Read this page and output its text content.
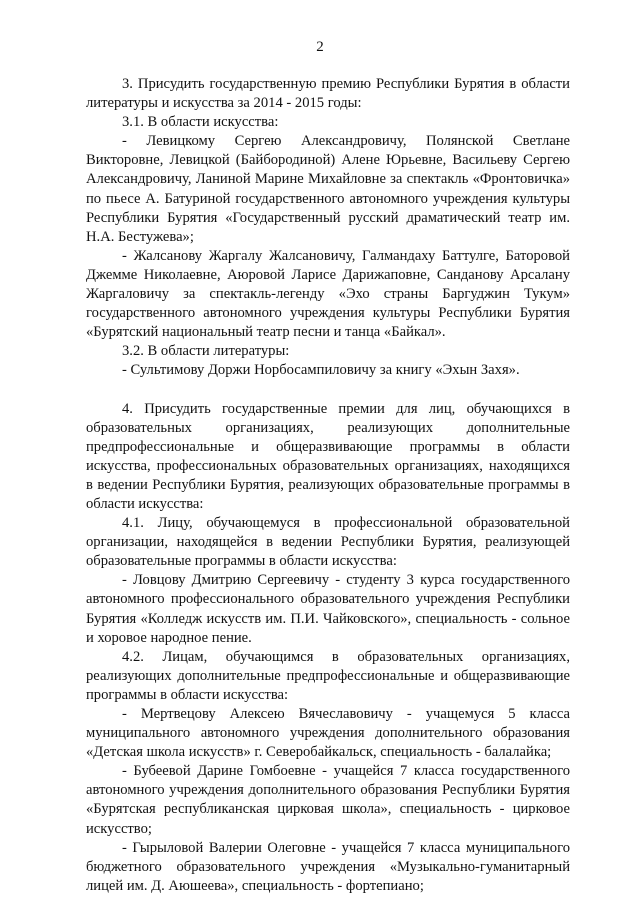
2

3. Присудить государственную премию Республики Бурятия в области литературы и искусства за 2014 - 2015 годы:

3.1. В области искусства:

- Левицкому Сергею Александровичу, Полянской Светлане Викторовне, Левицкой (Байбородиной) Алене Юрьевне, Васильеву Сергею Александровичу, Ланиной Марине Михайловне за спектакль «Фронтовичка» по пьесе А. Батуриной государственного автономного учреждения культуры Республики Бурятия «Государственный русский драматический театр им. Н.А. Бестужева»;

- Жалсанову Жаргалу Жалсановичу, Галмандаху Баттулге, Баторовой Джемме Николаевне, Аюровой Ларисе Дарижаповне, Санданову Арсалану Жаргаловичу за спектакль-легенду «Эхо страны Баргуджин Тукум» государственного автономного учреждения культуры Республики Бурятия «Бурятский национальный театр песни и танца «Байкал».

3.2. В области литературы:

- Сультимову Доржи Норбосампиловичу за книгу «Эхын Захя».

4. Присудить государственные премии для лиц, обучающихся в образовательных организациях, реализующих дополнительные предпрофессиональные и общеразвивающие программы в области искусства, профессиональных образовательных организациях, находящихся в ведении Республики Бурятия, реализующих образовательные программы в области искусства:

4.1. Лицу, обучающемуся в профессиональной образовательной организации, находящейся в ведении Республики Бурятия, реализующей образовательные программы в области искусства:

- Ловцову Дмитрию Сергеевичу - студенту 3 курса государственного автономного профессионального образовательного учреждения Республики Бурятия «Колледж искусств им. П.И. Чайковского», специальность - сольное и хоровое народное пение.

4.2. Лицам, обучающимся в образовательных организациях, реализующих дополнительные предпрофессиональные и общеразвивающие программы в области искусства:

- Мертвецову Алексею Вячеславовичу - учащемуся 5 класса муниципального автономного учреждения дополнительного образования «Детская школа искусств» г. Северобайкальск, специальность - балалайка;

- Бубеевой Дарине Гомбоевне - учащейся 7 класса государственного автономного учреждения дополнительного образования Республики Бурятия «Бурятская республиканская цирковая школа», специальность - цирковое искусство;

- Гырыловой Валерии Олеговне - учащейся 7 класса муниципального бюджетного образовательного учреждения «Музыкально-гуманитарный лицей им. Д. Аюшеева», специальность - фортепиано;
